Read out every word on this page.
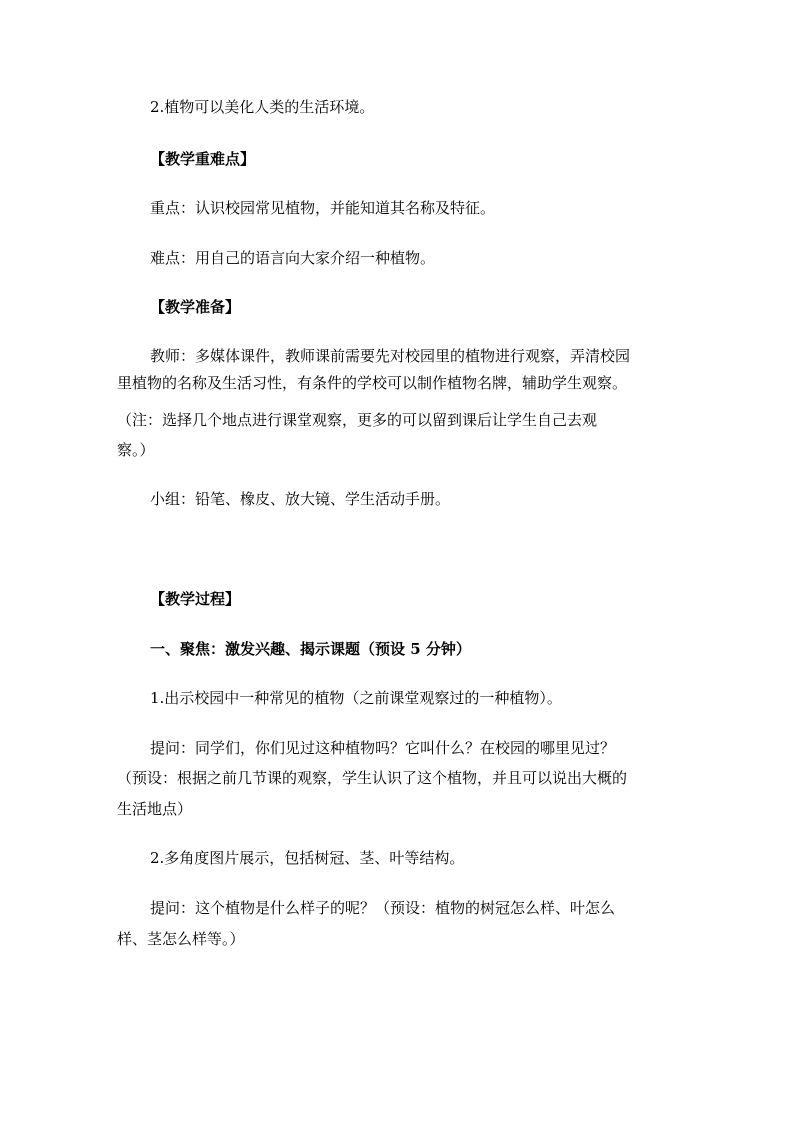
2.植物可以美化人类的生活环境。
【教学重难点】
重点：认识校园常见植物，并能知道其名称及特征。
难点：用自己的语言向大家介绍一种植物。
【教学准备】
教师：多媒体课件，教师课前需要先对校园里的植物进行观察，弄清校园
里植物的名称及生活习性，有条件的学校可以制作植物名牌，辅助学生观察。
（注：选择几个地点进行课堂观察，更多的可以留到课后让学生自己去观
察。）
小组：铅笔、橡皮、放大镜、学生活动手册。
【教学过程】
一、聚焦：激发兴趣、揭示课题（预设 5 分钟）
1.出示校园中一种常见的植物（之前课堂观察过的一种植物）。
提问：同学们，你们见过这种植物吗？它叫什么？在校园的哪里见过？
（预设：根据之前几节课的观察，学生认识了这个植物，并且可以说出大概的
生活地点）
2.多角度图片展示，包括树冠、茎、叶等结构。
提问：这个植物是什么样子的呢？（预设：植物的树冠怎么样、叶怎么
样、茎怎么样等。）
